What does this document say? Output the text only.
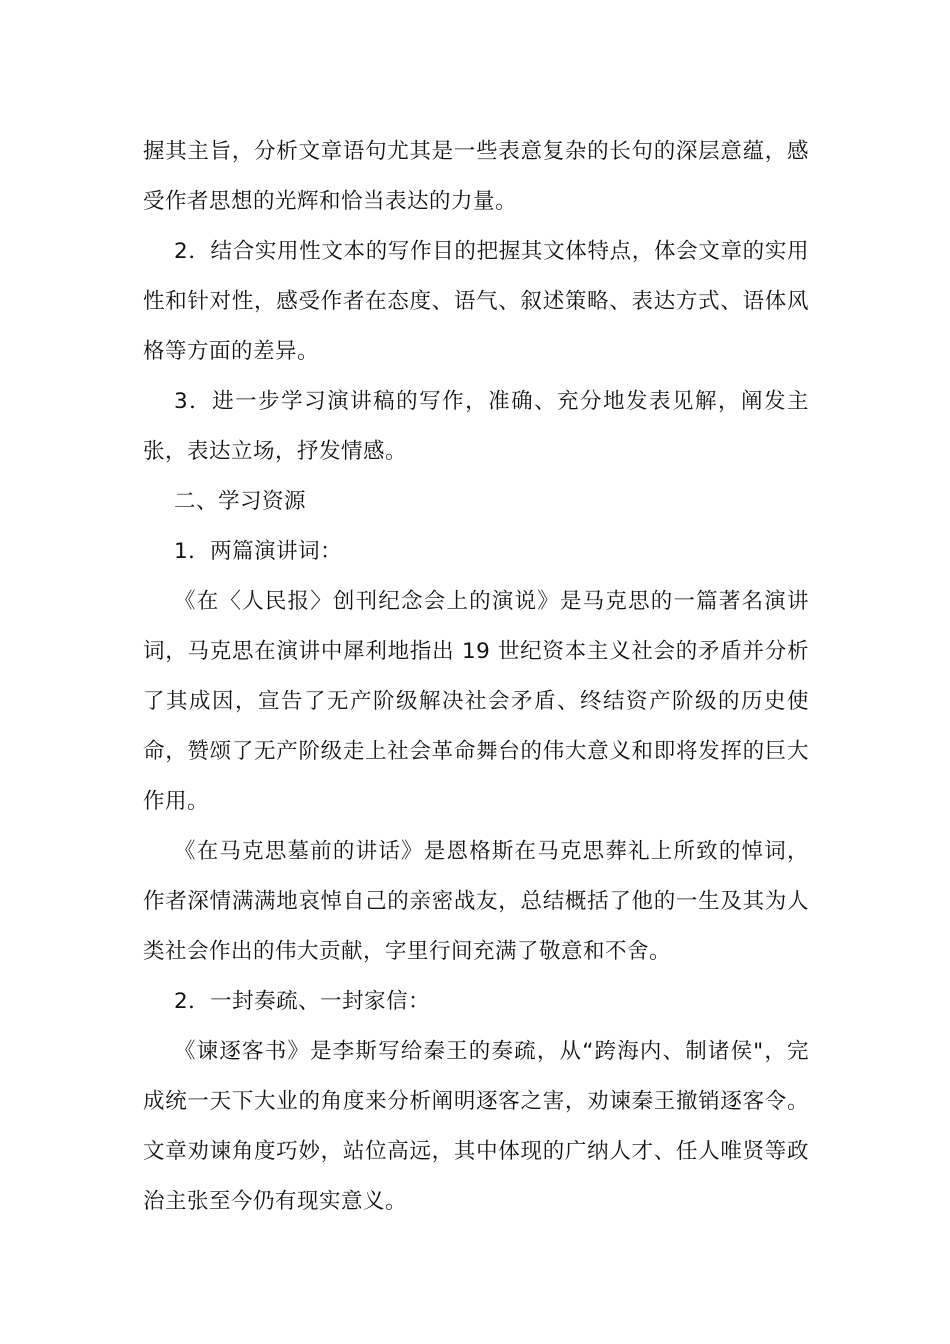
握其主旨，分析文章语句尤其是一些表意复杂的长句的深层意蕴，感受作者思想的光辉和恰当表达的力量。

2．结合实用性文本的写作目的把握其文体特点，体会文章的实用性和针对性，感受作者在态度、语气、叙述策略、表达方式、语体风格等方面的差异。

3．进一步学习演讲稿的写作，准确、充分地发表见解，阐发主张，表达立场，抒发情感。

二、学习资源

1．两篇演讲词：

《在〈人民报〉创刊纪念会上的演说》是马克思的一篇著名演讲词，马克思在演讲中犀利地指出 19 世纪资本主义社会的矛盾并分析了其成因，宣告了无产阶级解决社会矛盾、终结资产阶级的历史使命，赞颂了无产阶级走上社会革命舞台的伟大意义和即将发挥的巨大作用。

《在马克思墓前的讲话》是恩格斯在马克思葬礼上所致的悼词，作者深情满满地哀悼自己的亲密战友，总结概括了他的一生及其为人类社会作出的伟大贡献，字里行间充满了敬意和不舍。

2．一封奏疏、一封家信：

《谏逐客书》是李斯写给秦王的奏疏，从“跨海内、制诸侯"，完成统一天下大业的角度来分析阐明逐客之害，劝谏秦王撤销逐客令。文章劝谏角度巧妙，站位高远，其中体现的广纳人才、任人唯贤等政治主张至今仍有现实意义。
